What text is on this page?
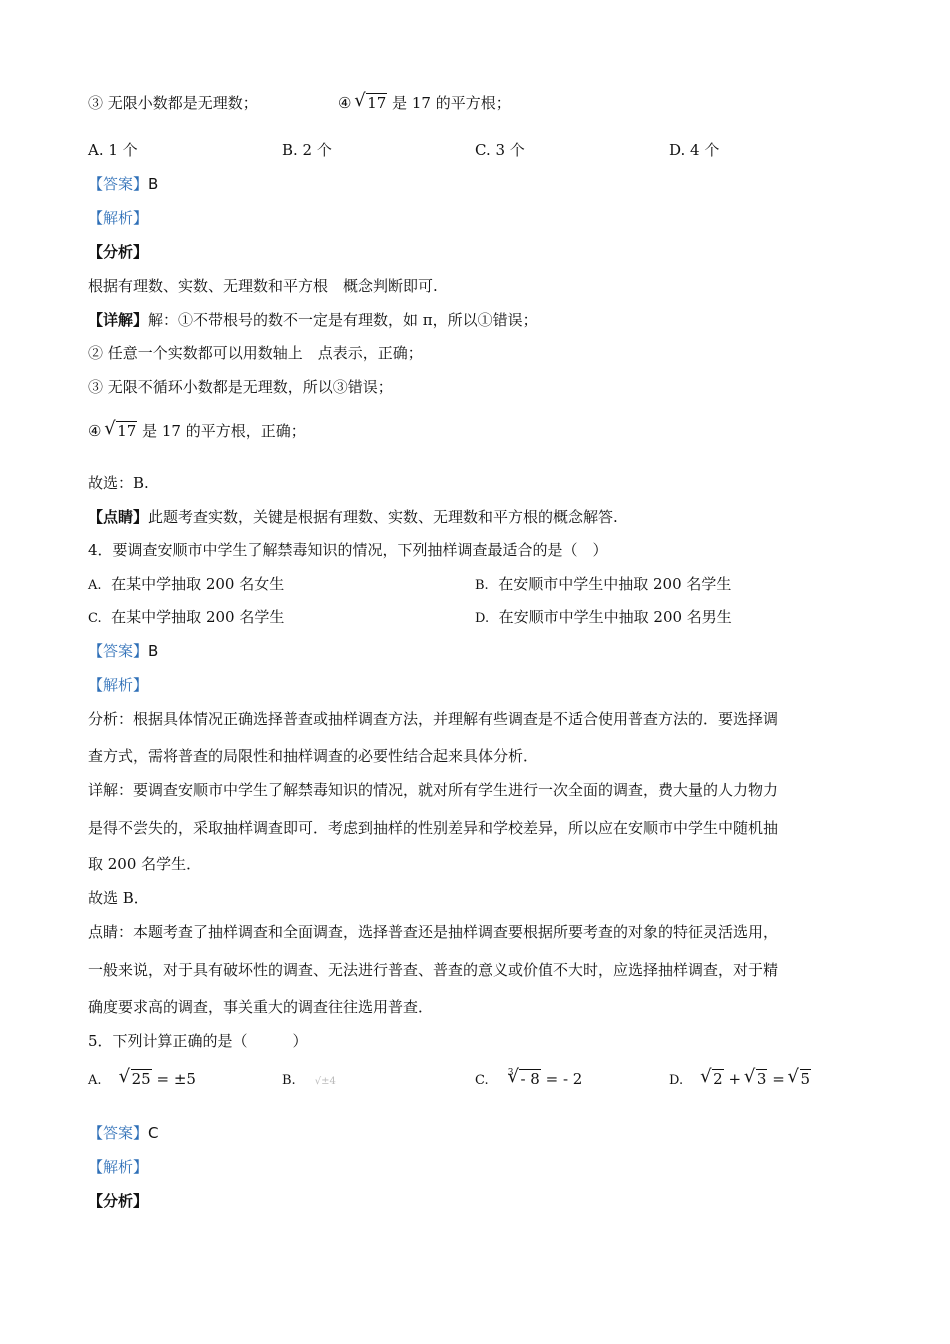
③ 无限小数都是无理数；	④ √ 17 是 17 的平方根；
A. 1 个	B. 2 个	C. 3 个	D. 4 个
【答案】B
【解析】
【分析】
根据有理数、实数、无理数和平方根　概念判断即可.
【详解】解：①不带根号的数不一定是有理数，如 π，所以①错误；
② 任意一个实数都可以用数轴上　点表示，正确；
③ 无限不循环小数都是无理数，所以③错误；
④ √ 17 是 17 的平方根，正确；
故选：B.
【点睛】此题考查实数，关键是根据有理数、实数、无理数和平方根的概念解答.
4．要调查安顺市中学生了解禁毒知识的情况，下列抽样调查最适合的是（　）
A. 在某中学抽取 200 名女生	B. 在安顺市中学生中抽取 200 名学生
C. 在某中学抽取 200 名学生	D. 在安顺市中学生中抽取 200 名男生
【答案】B
【解析】
分析：根据具体情况正确选择普查或抽样调查方法，并理解有些调查是不适合使用普查方法的．要选择调
查方式，需将普查的局限性和抽样调查的必要性结合起来具体分析．
详解：要调查安顺市中学生了解禁毒知识的情况，就对所有学生进行一次全面的调查，费大量的人力物力
是得不尝失的，采取抽样调查即可．考虑到抽样的性别差异和学校差异，所以应在安顺市中学生中随机抽
取 200 名学生．
故选 B．
点睛：本题考查了抽样调查和全面调查，选择普查还是抽样调查要根据所要考查的对象的特征灵活选用，
一般来说，对于具有破坏性的调查、无法进行普查、普查的意义或价值不大时，应选择抽样调查，对于精
确度要求高的调查，事关重大的调查往往选用普查．
5．下列计算正确的是（　　　）
A. √ 25 = ±5	B. √±4	C. $^3$ √ - 8 = - 2	D. √ 2 + √ 3 = √ 5
【答案】C
【解析】
【分析】
